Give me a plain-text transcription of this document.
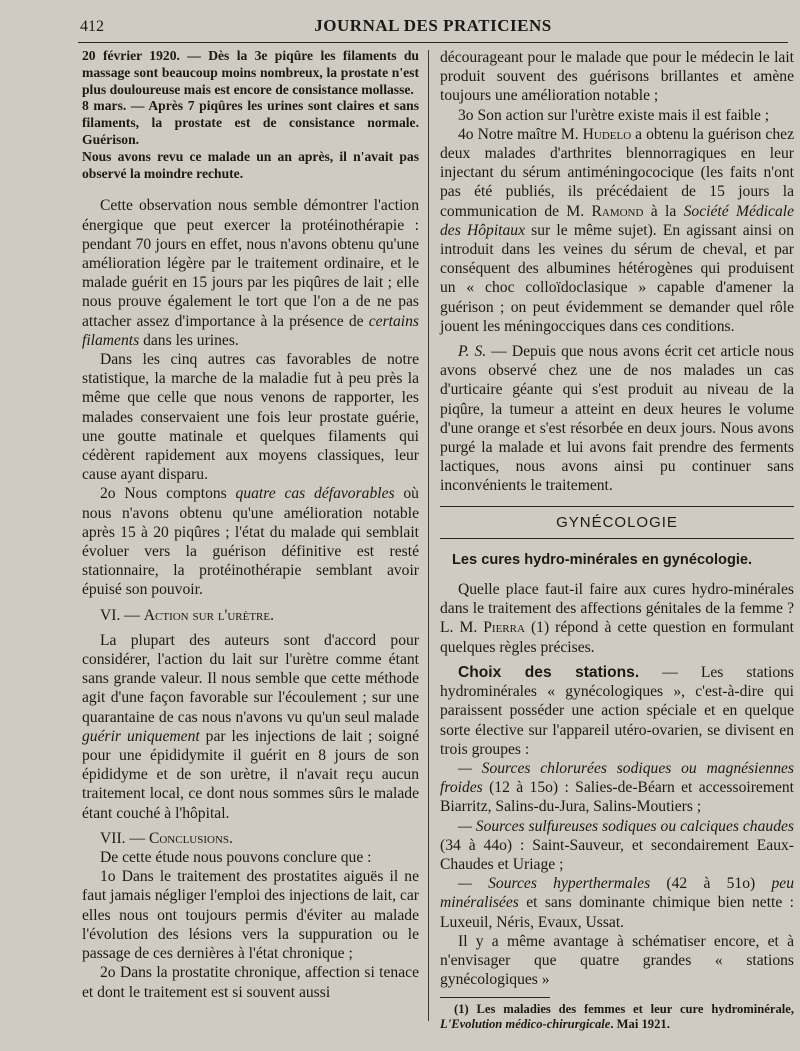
412	JOURNAL DES PRATICIENS

20 février 1920. — Dès la 3e piqûre les filaments du massage sont beaucoup moins nombreux, la prostate n'est plus douloureuse mais est encore de consistance mollasse.

8 mars. — Après 7 piqûres les urines sont claires et sans filaments, la prostate est de consistance normale. Guérison.

Nous avons revu ce malade un an après, il n'avait pas observé la moindre rechute.

Cette observation nous semble démontrer l'action énergique que peut exercer la protéinothérapie : pendant 70 jours en effet, nous n'avons obtenu qu'une amélioration légère par le traitement ordinaire, et le malade guérit en 15 jours par les piqûres de lait ; elle nous prouve également le tort que l'on a de ne pas attacher assez d'importance à la présence de certains filaments dans les urines.

Dans les cinq autres cas favorables de notre statistique, la marche de la maladie fut à peu près la même que celle que nous venons de rapporter, les malades conservaient une fois leur prostate guérie, une goutte matinale et quelques filaments qui cédèrent rapidement aux moyens classiques, leur cause ayant disparu.

2o Nous comptons quatre cas défavorables où nous n'avons obtenu qu'une amélioration notable après 15 à 20 piqûres ; l'état du malade qui semblait évoluer vers la guérison définitive est resté stationnaire, la protéinothérapie semblant avoir épuisé son pouvoir.

VI. — Action sur l'urètre.

La plupart des auteurs sont d'accord pour considérer, l'action du lait sur l'urètre comme étant sans grande valeur. Il nous semble que cette méthode agit d'une façon favorable sur l'écoulement ; sur une quarantaine de cas nous n'avons vu qu'un seul malade guérir uniquement par les injections de lait ; soigné pour une épididymite il guérit en 8 jours de son épididyme et de son urètre, il n'avait reçu aucun traitement local, ce dont nous sommes sûrs le malade étant couché à l'hôpital.

VII. — Conclusions.

De cette étude nous pouvons conclure que :

1o Dans le traitement des prostatites aiguës il ne faut jamais négliger l'emploi des injections de lait, car elles nous ont toujours permis d'éviter au malade l'évolution des lésions vers la suppuration ou le passage de ces dernières à l'état chronique ;

2o Dans la prostatite chronique, affection si tenace et dont le traitement est si souvent aussi

décourageant pour le malade que pour le médecin le lait produit souvent des guérisons brillantes et amène toujours une amélioration notable ;

3o Son action sur l'urètre existe mais il est faible ;

4o Notre maître M. Hudelo a obtenu la guérison chez deux malades d'arthrites blennorragiques en leur injectant du sérum antiméningococique (les faits n'ont pas été publiés, ils précédaient de 15 jours la communication de M. Ramond à la Société Médicale des Hôpitaux sur le même sujet). En agissant ainsi on introduit dans les veines du sérum de cheval, et par conséquent des albumines hétérogènes qui produisent un « choc colloïdoclasique » capable d'amener la guérison ; on peut évidemment se demander quel rôle jouent les méningocciques dans ces conditions.

P. S. — Depuis que nous avons écrit cet article nous avons observé chez une de nos malades un cas d'urticaire géante qui s'est produit au niveau de la piqûre, la tumeur a atteint en deux heures le volume d'une orange et s'est résorbée en deux jours. Nous avons purgé la malade et lui avons fait prendre des ferments lactiques, nous avons ainsi pu continuer sans inconvénients le traitement.

GYNÉCOLOGIE
Les cures hydro-minérales en gynécologie.

Quelle place faut-il faire aux cures hydro-minérales dans le traitement des affections génitales de la femme ? L. M. Pierra (1) répond à cette question en formulant quelques règles précises.

Choix des stations. — Les stations hydrominérales « gynécologiques », c'est-à-dire qui paraissent posséder une action spéciale et en quelque sorte élective sur l'appareil utéro-ovarien, se divisent en trois groupes :

— Sources chlorurées sodiques ou magnésiennes froides (12 à 15o) : Salies-de-Béarn et accessoirement Biarritz, Salins-du-Jura, Salins-Moutiers ;

— Sources sulfureuses sodiques ou calciques chaudes (34 à 44o) : Saint-Sauveur, et secondairement Eaux-Chaudes et Uriage ;

— Sources hyperthermales (42 à 51o) peu minéralisées et sans dominante chimique bien nette : Luxeuil, Néris, Evaux, Ussat.

Il y a même avantage à schématiser encore, et à n'envisager que quatre grandes « stations gynécologiques »

(1) Les maladies des femmes et leur cure hydrominérale, L'Evolution médico-chirurgicale. Mai 1921.
